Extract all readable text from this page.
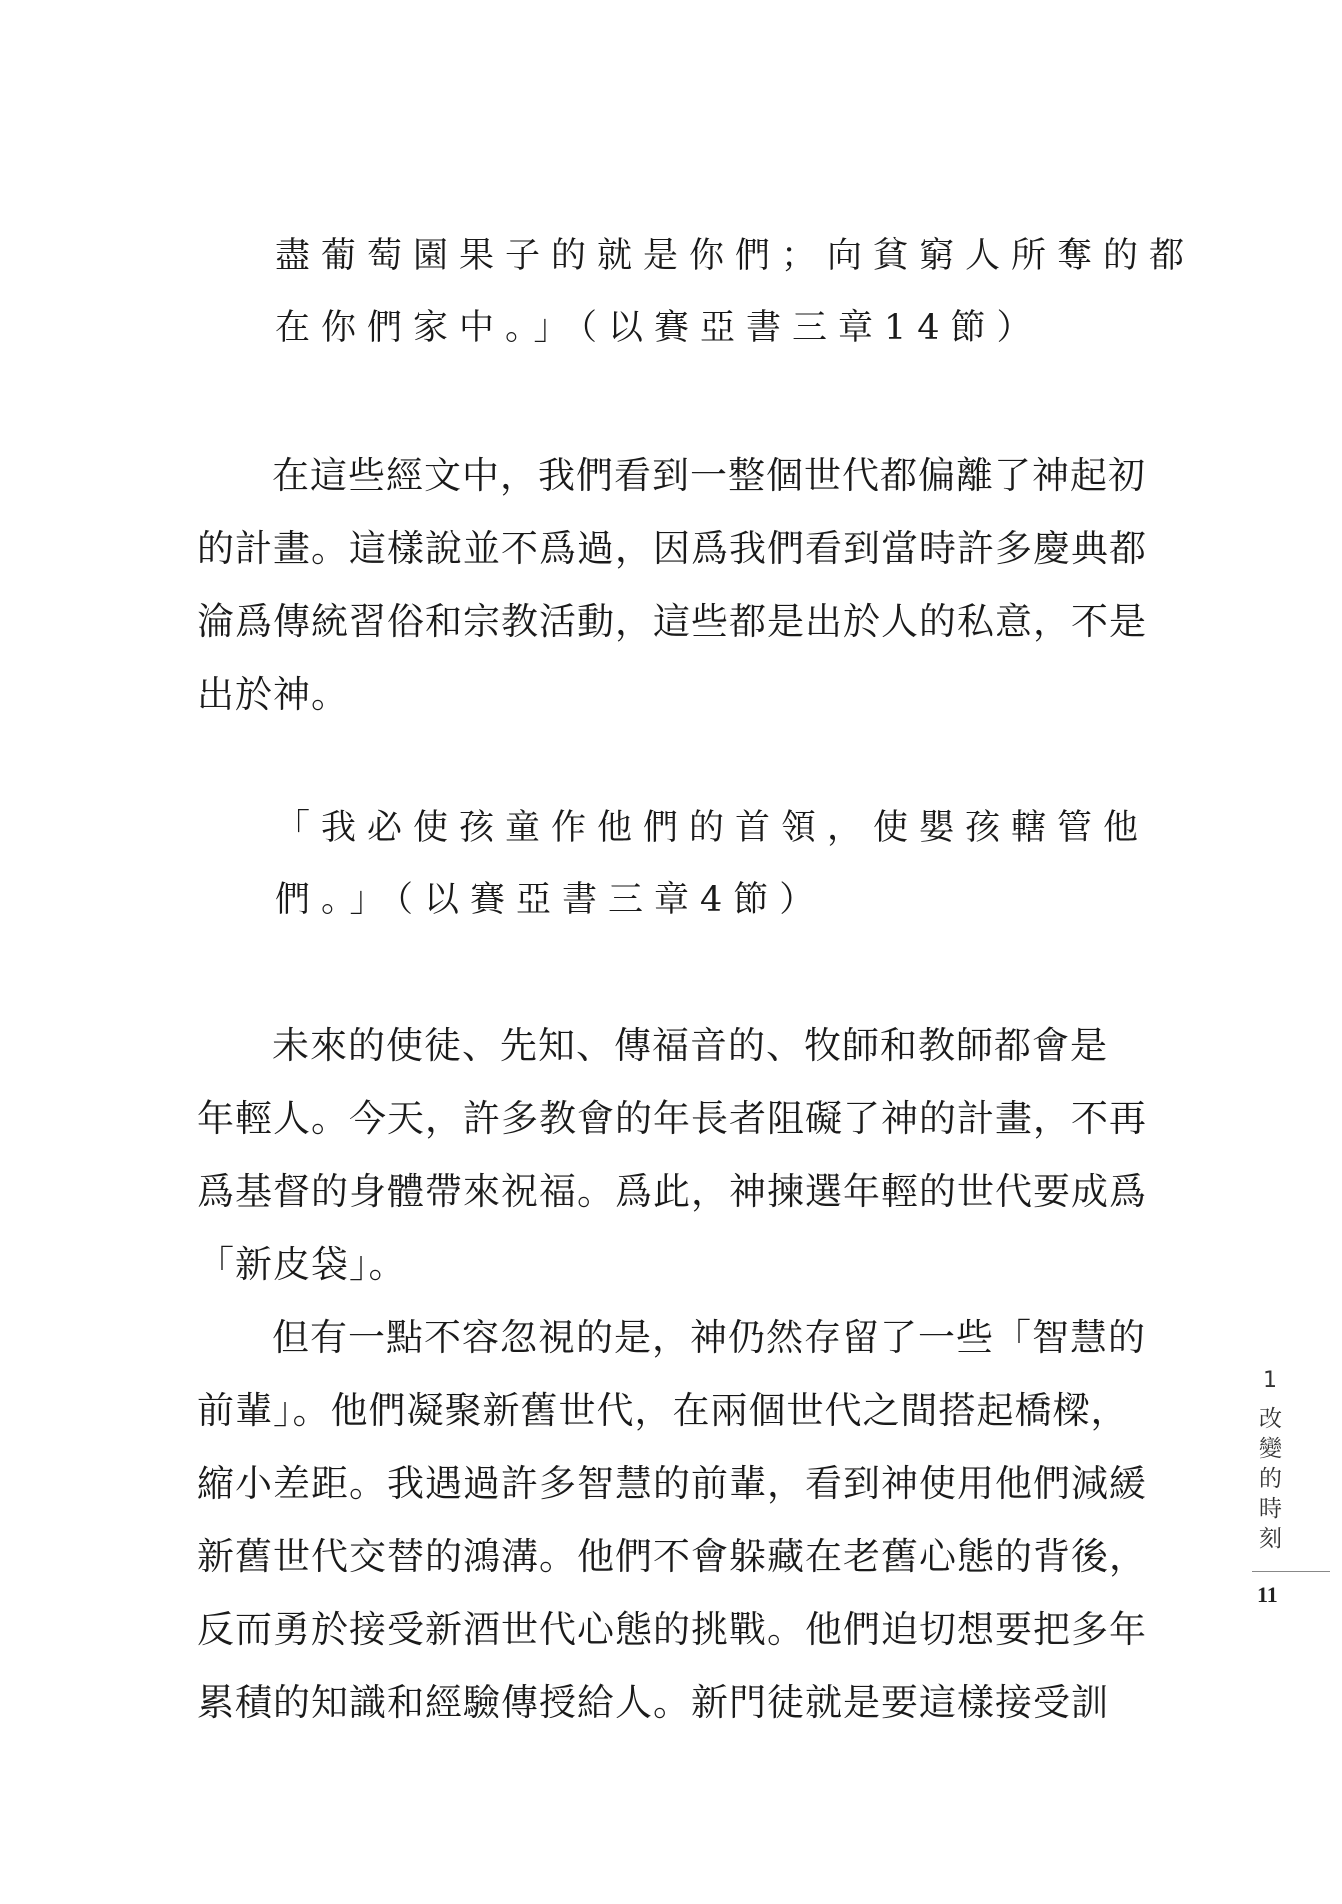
盡葡萄園果子的就是你們；向貧窮人所奪的都

在你們家中。」（以賽亞書三章14節）

在這些經文中，我們看到一整個世代都偏離了神起初

的計畫。這樣說並不爲過，因爲我們看到當時許多慶典都

淪爲傳統習俗和宗教活動，這些都是出於人的私意，不是

出於神。

「我必使孩童作他們的首領，使嬰孩轄管他

們。」（以賽亞書三章4節）

未來的使徒、先知、傳福音的、牧師和教師都會是

年輕人。今天，許多教會的年長者阻礙了神的計畫，不再

爲基督的身體帶來祝福。爲此，神揀選年輕的世代要成爲

「新皮袋」。

但有一點不容忽視的是，神仍然存留了一些「智慧的

前輩」。他們凝聚新舊世代，在兩個世代之間搭起橋樑，

縮小差距。我遇過許多智慧的前輩，看到神使用他們減緩

新舊世代交替的鴻溝。他們不會躲藏在老舊心態的背後，

反而勇於接受新酒世代心態的挑戰。他們迫切想要把多年

累積的知識和經驗傳授給人。新門徒就是要這樣接受訓

1
改變的時刻
11
